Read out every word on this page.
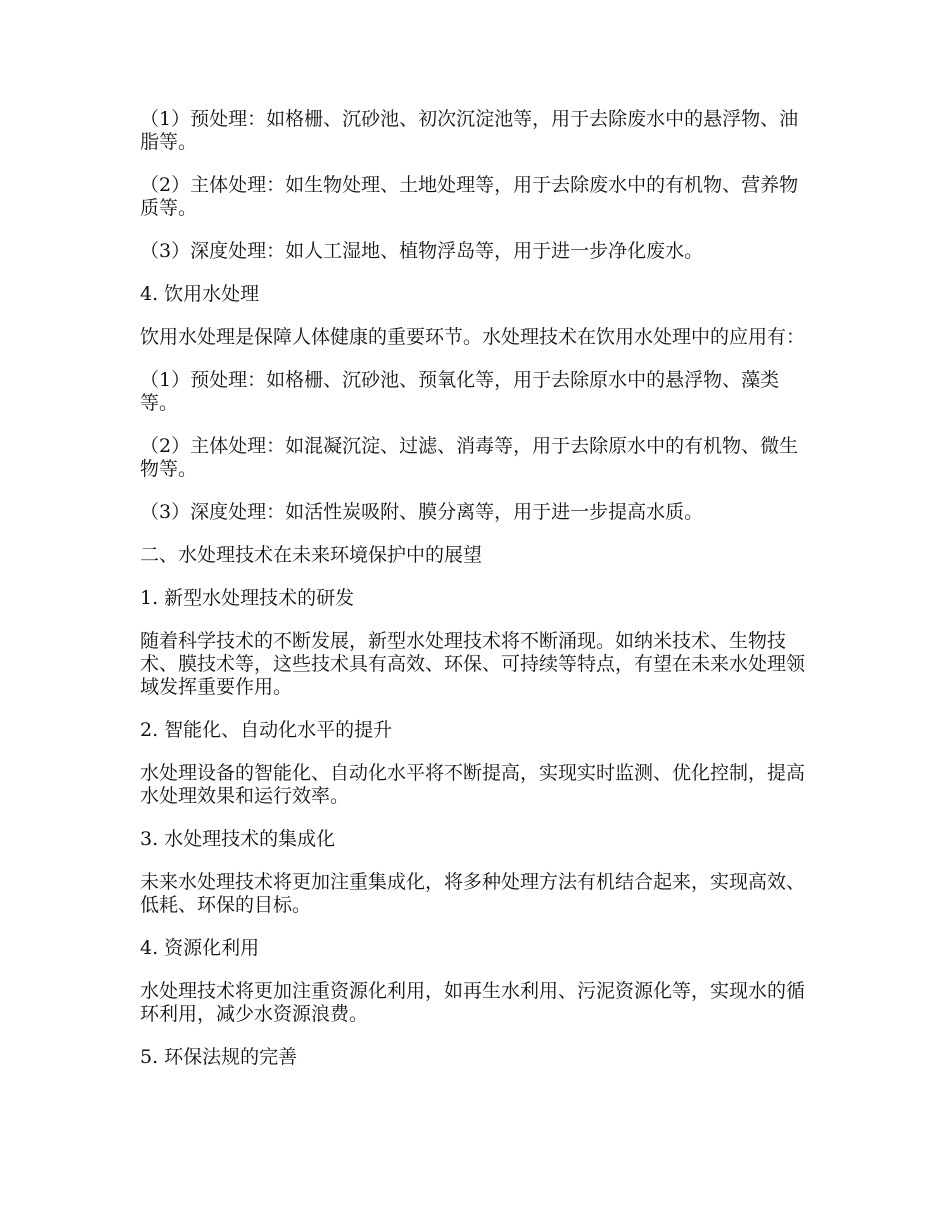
（1）预处理：如格栅、沉砂池、初次沉淀池等，用于去除废水中的悬浮物、油脂等。

（2）主体处理：如生物处理、土地处理等，用于去除废水中的有机物、营养物质等。

（3）深度处理：如人工湿地、植物浮岛等，用于进一步净化废水。

4. 饮用水处理

饮用水处理是保障人体健康的重要环节。水处理技术在饮用水处理中的应用有：

（1）预处理：如格栅、沉砂池、预氧化等，用于去除原水中的悬浮物、藻类等。

（2）主体处理：如混凝沉淀、过滤、消毒等，用于去除原水中的有机物、微生物等。

（3）深度处理：如活性炭吸附、膜分离等，用于进一步提高水质。

二、水处理技术在未来环境保护中的展望

1. 新型水处理技术的研发

随着科学技术的不断发展，新型水处理技术将不断涌现。如纳米技术、生物技术、膜技术等，这些技术具有高效、环保、可持续等特点，有望在未来水处理领域发挥重要作用。

2. 智能化、自动化水平的提升

水处理设备的智能化、自动化水平将不断提高，实现实时监测、优化控制，提高水处理效果和运行效率。

3. 水处理技术的集成化

未来水处理技术将更加注重集成化，将多种处理方法有机结合起来，实现高效、低耗、环保的目标。

4. 资源化利用

水处理技术将更加注重资源化利用，如再生水利用、污泥资源化等，实现水的循环利用，减少水资源浪费。

5. 环保法规的完善
